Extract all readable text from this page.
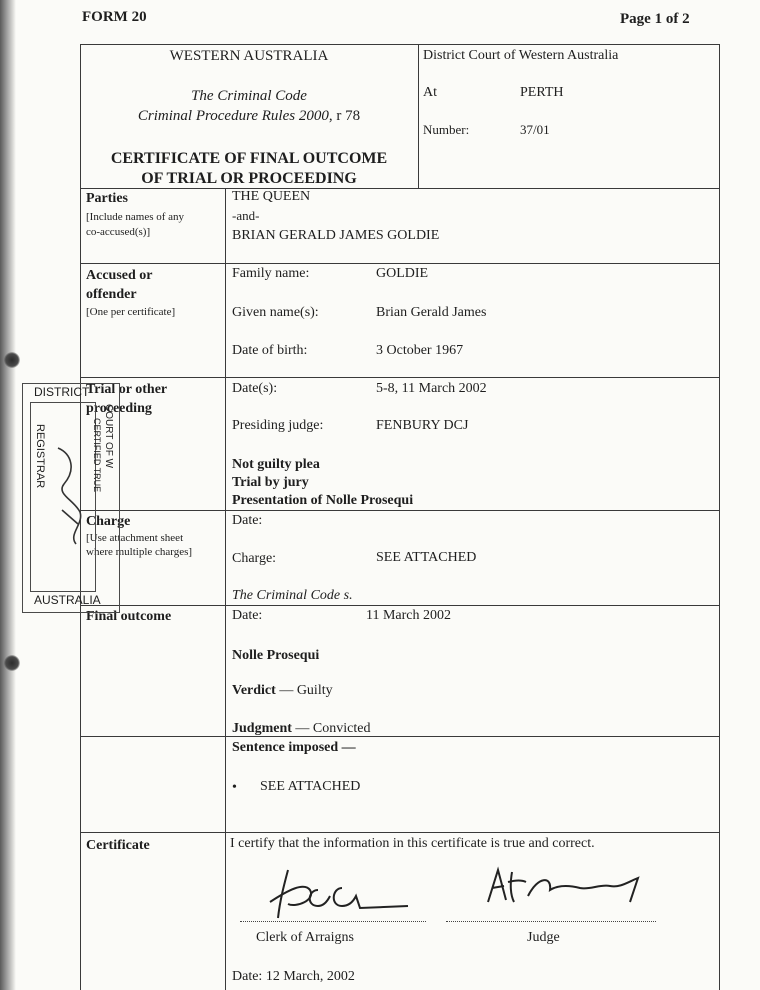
FORM 20	Page 1 of 2
WESTERN AUSTRALIA
The Criminal Code
Criminal Procedure Rules 2000, r 78
CERTIFICATE OF FINAL OUTCOME
OF TRIAL OR PROCEEDING
District Court of Western Australia
At	PERTH
Number:	37/01
Parties
[Include names of any
co-accused(s)]
THE QUEEN
-and-
BRIAN GERALD JAMES GOLDIE
Accused or
offender
[One per certificate]
Family name:	GOLDIE
Given name(s):	Brian Gerald James
Date of birth:	3 October 1967
Trial or other
proceeding
Date(s):	5-8, 11 March 2002
Presiding judge:	FENBURY DCJ
Not guilty plea
Trial by jury
Presentation of Nolle Prosequi
Charge
[Use attachment sheet
where multiple charges]
Date:
Charge:	SEE ATTACHED
The Criminal Code s.
Final outcome	Date:	11 March 2002
Nolle Prosequi
Verdict — Guilty
Judgment — Convicted
Sentence imposed —
• SEE ATTACHED
Certificate	I certify that the information in this certificate is true and correct.
Clerk of Arraigns	Judge
Date: 12 March, 2002
DISTRICT
AUSTRALIA
REGISTRAR	COURT OF W
CERTIFIED TRUE
